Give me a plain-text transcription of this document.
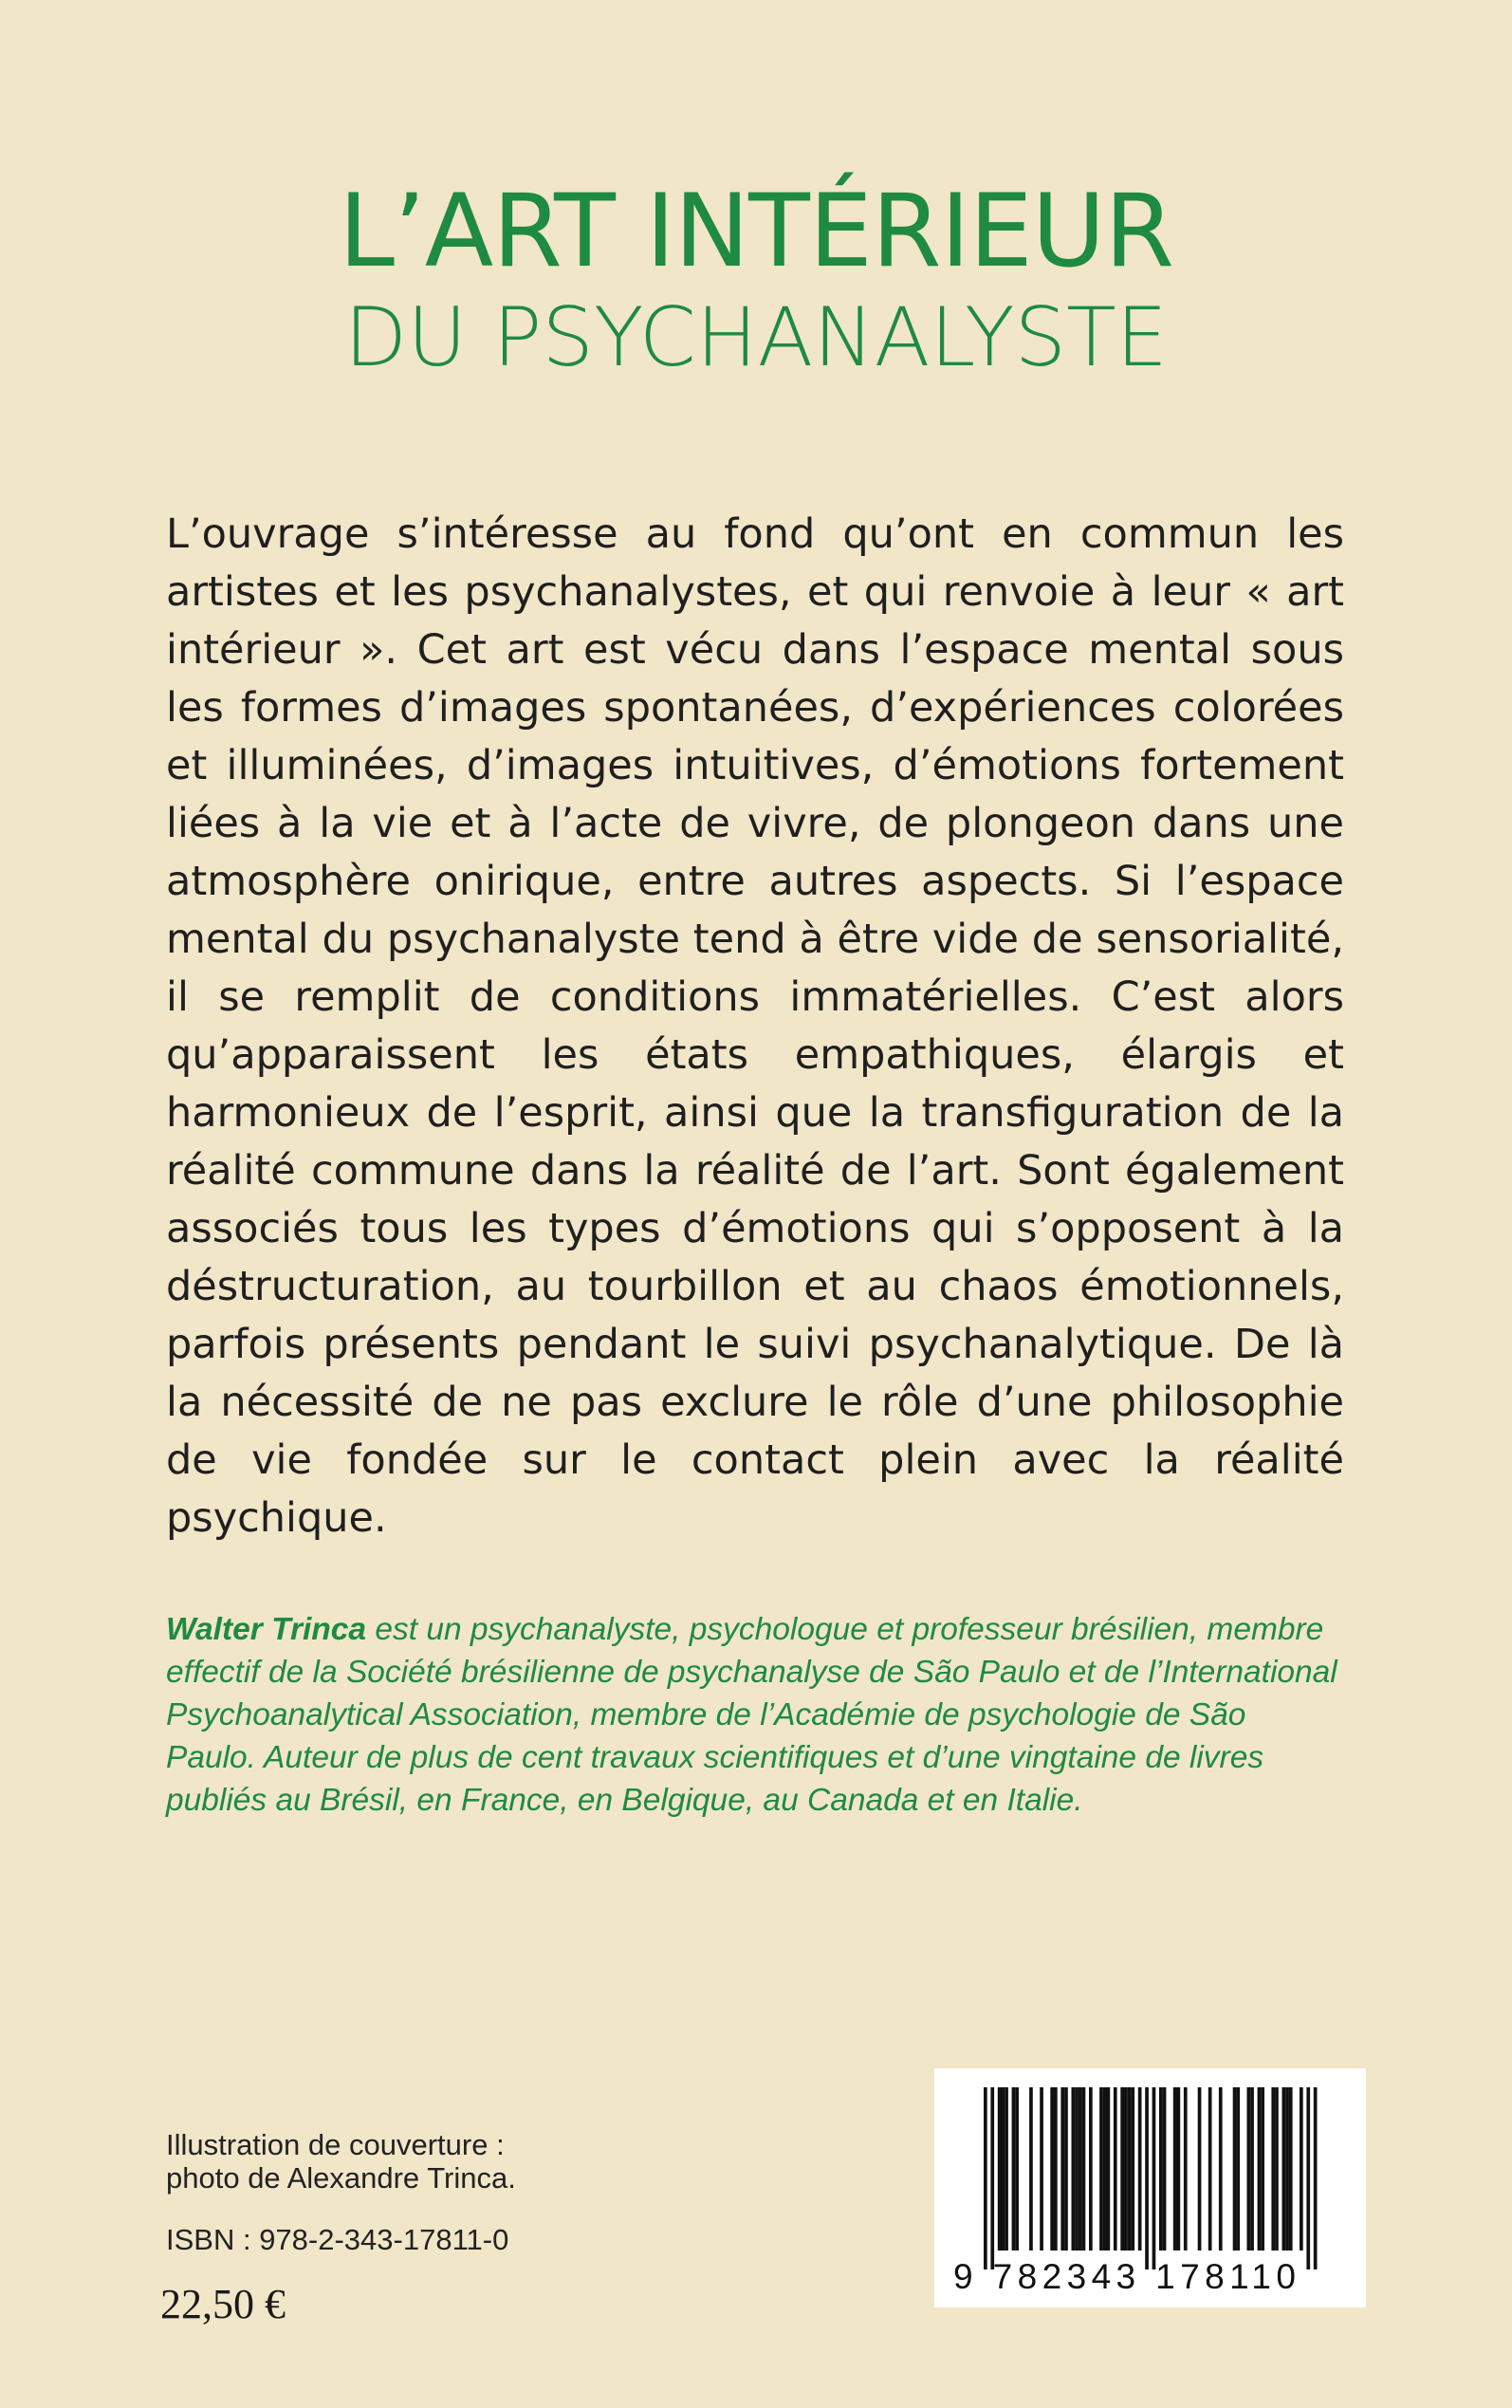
L’ART INTÉRIEUR
DU PSYCHANALYSTE

L’ouvrage s’intéresse au fond qu’ont en commun les artistes et les psychanalystes, et qui renvoie à leur « art intérieur ». Cet art est vécu dans l’espace mental sous les formes d’images spontanées, d’expériences colorées et illuminées, d’images intuitives, d’émotions fortement liées à la vie et à l’acte de vivre, de plongeon dans une atmosphère onirique, entre autres aspects. Si l’espace mental du psychanalyste tend à être vide de sensorialité, il se remplit de conditions immatérielles. C’est alors qu’apparaissent les états empathiques, élargis et harmonieux de l’esprit, ainsi que la transfiguration de la réalité commune dans la réalité de l’art. Sont également associés tous les types d’émotions qui s’opposent à la déstructuration, au tourbillon et au chaos émotionnels, parfois présents pendant le suivi psychanalytique. De là la nécessité de ne pas exclure le rôle d’une philosophie de vie fondée sur le contact plein avec la réalité psychique.

Walter Trinca est un psychanalyste, psychologue et professeur brésilien, membre effectif de la Société brésilienne de psychanalyse de São Paulo et de l’International Psychoanalytical Association, membre de l’Académie de psychologie de São Paulo. Auteur de plus de cent travaux scientifiques et d’une vingtaine de livres publiés au Brésil, en France, en Belgique, au Canada et en Italie.

Illustration de couverture :
photo de Alexandre Trinca.
ISBN : 978-2-343-17811-0
22,50 €
9 782343 178110
